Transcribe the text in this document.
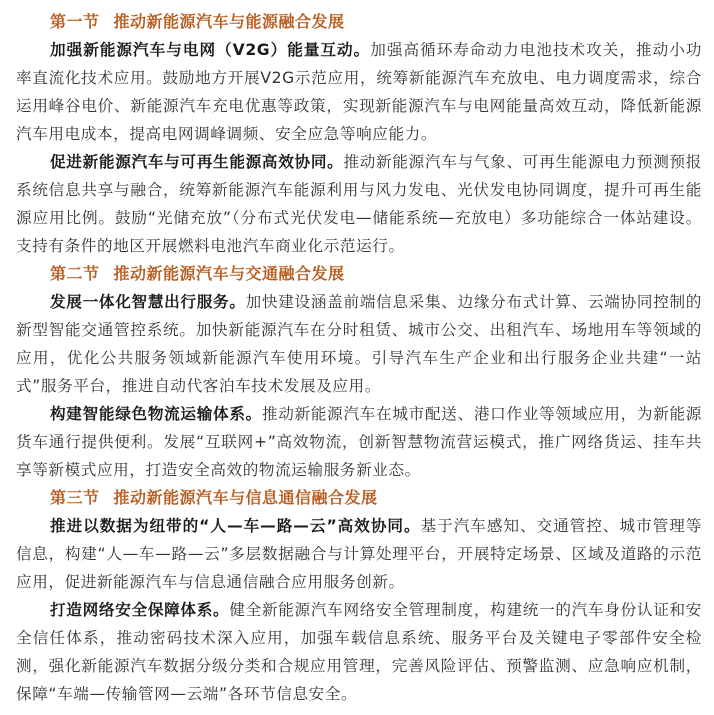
第一节 推动新能源汽车与能源融合发展

加强新能源汽车与电网（V2G）能量互动。加强高循环寿命动力电池技术攻关，推动小功率直流化技术应用。鼓励地方开展V2G示范应用，统筹新能源汽车充放电、电力调度需求，综合运用峰谷电价、新能源汽车充电优惠等政策，实现新能源汽车与电网能量高效互动，降低新能源汽车用电成本，提高电网调峰调频、安全应急等响应能力。

促进新能源汽车与可再生能源高效协同。推动新能源汽车与气象、可再生能源电力预测预报系统信息共享与融合，统筹新能源汽车能源利用与风力发电、光伏发电协同调度，提升可再生能源应用比例。鼓励“光储充放”（分布式光伏发电—储能系统—充放电）多功能综合一体站建设。支持有条件的地区开展燃料电池汽车商业化示范运行。

第二节 推动新能源汽车与交通融合发展

发展一体化智慧出行服务。加快建设涵盖前端信息采集、边缘分布式计算、云端协同控制的新型智能交通管控系统。加快新能源汽车在分时租赁、城市公交、出租汽车、场地用车等领域的应用，优化公共服务领域新能源汽车使用环境。引导汽车生产企业和出行服务企业共建“一站式”服务平台，推进自动代客泊车技术发展及应用。

构建智能绿色物流运输体系。推动新能源汽车在城市配送、港口作业等领域应用，为新能源货车通行提供便利。发展“互联网+”高效物流，创新智慧物流营运模式，推广网络货运、挂车共享等新模式应用，打造安全高效的物流运输服务新业态。

第三节 推动新能源汽车与信息通信融合发展

推进以数据为纽带的“人—车—路—云”高效协同。基于汽车感知、交通管控、城市管理等信息，构建“人—车—路—云”多层数据融合与计算处理平台，开展特定场景、区域及道路的示范应用，促进新能源汽车与信息通信融合应用服务创新。

打造网络安全保障体系。健全新能源汽车网络安全管理制度，构建统一的汽车身份认证和安全信任体系，推动密码技术深入应用，加强车载信息系统、服务平台及关键电子零部件安全检测，强化新能源汽车数据分级分类和合规应用管理，完善风险评估、预警监测、应急响应机制，保障“车端—传输管网—云端”各环节信息安全。
